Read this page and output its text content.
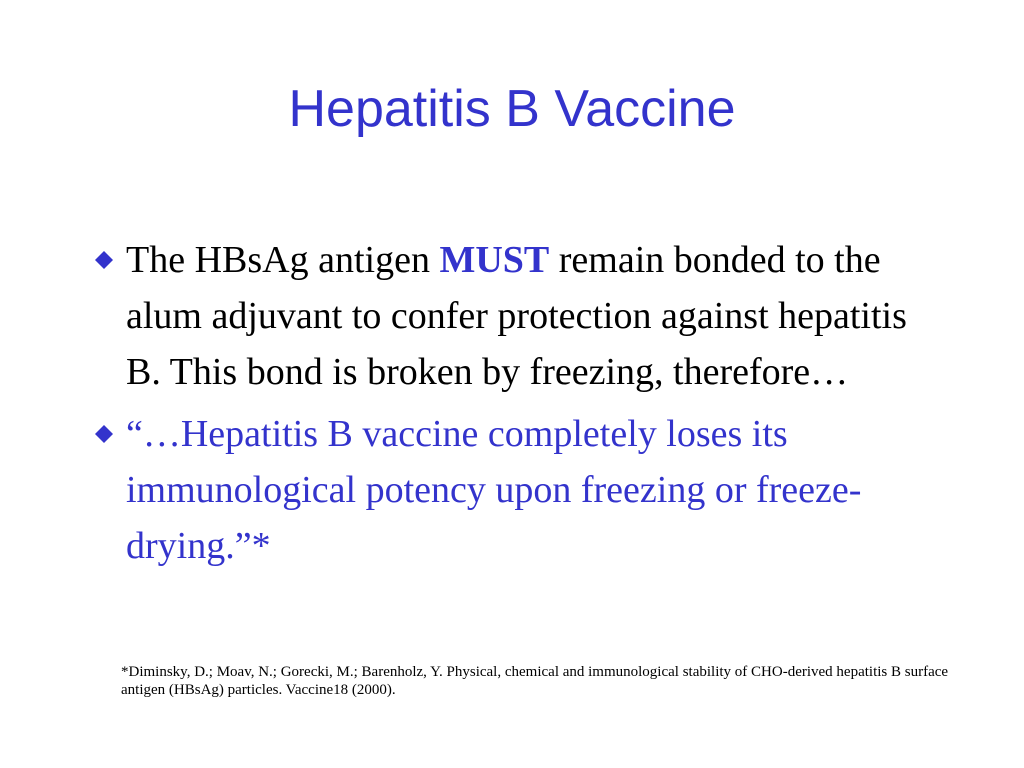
Hepatitis B Vaccine
The HBsAg antigen MUST remain bonded to the alum adjuvant to confer protection against hepatitis B. This bond is broken by freezing, therefore…
“…Hepatitis B vaccine completely loses its immunological potency upon freezing or freeze-drying.”*
*Diminsky, D.; Moav, N.; Gorecki, M.; Barenholz, Y. Physical, chemical and immunological stability of CHO-derived hepatitis B surface antigen (HBsAg) particles. Vaccine18 (2000).
